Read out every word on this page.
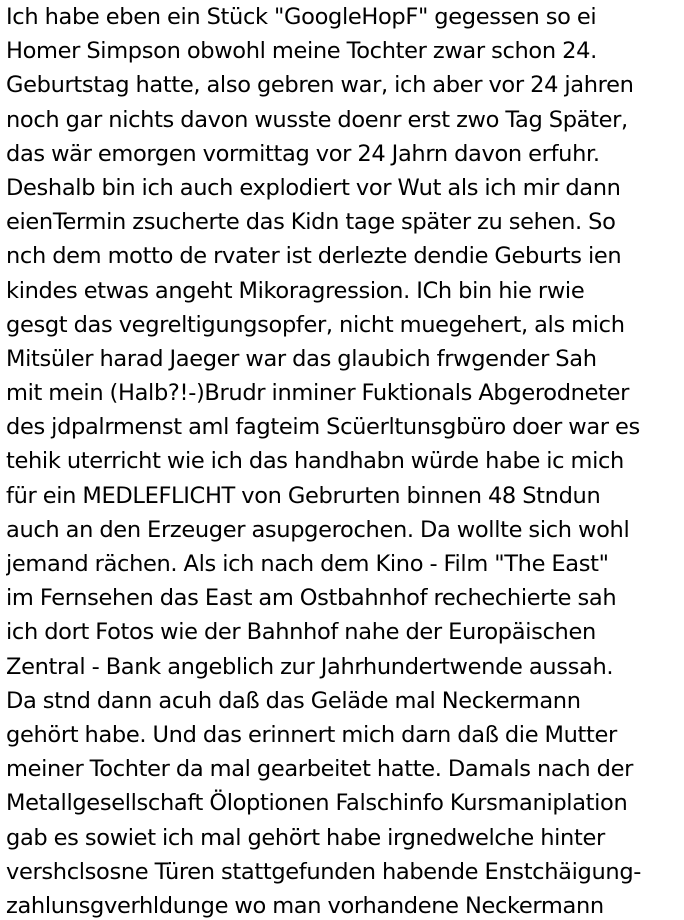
Ich habe eben ein Stück "GoogleHopF" gegessen so ei
Homer Simpson obwohl meine Tochter zwar schon 24.
Geburtstag hatte, also gebren war, ich aber vor 24 jahren
noch gar nichts davon wusste doenr erst zwo Tag Später,
das wär emorgen vormittag vor 24 Jahrn davon erfuhr.
Deshalb bin ich auch explodiert vor Wut als ich mir dann
eienTermin zsucherte das Kidn tage später zu sehen. So
nch dem motto de rvater ist derlezte dendie Geburts ien
kindes etwas angeht Mikoragression. ICh bin hie rwie
gesgt das vegreltigungsopfer, nicht muegehert, als mich
Mitsüler harad Jaeger war das glaubich frwgender Sah
mit mein (Halb?!-)Brudr inminer Fuktionals Abgerodneter
des jdpalrmenst aml fagteim Scüerltunsgbüro doer war es
tehik uterricht wie ich das handhabn würde habe ic mich
für ein MEDLEFLICHT von Gebrurten binnen 48 Stndun
auch an den Erzeuger asupgerochen. Da wollte sich wohl
jemand rächen. Als ich nach dem Kino - Film "The East"
im Fernsehen das East am Ostbahnhof rechechierte sah
ich dort Fotos wie der Bahnhof nahe der Europäischen
Zentral - Bank angeblich zur Jahrhundertwende aussah.
Da stnd dann acuh daß das Geläde mal Neckermann
gehört habe. Und das erinnert mich darn daß die Mutter
meiner Tochter da mal gearbeitet hatte. Damals nach der
Metallgesellschaft Öloptionen Falschinfo Kursmaniplation
gab es sowiet ich mal gehört habe irgnedwelche hinter
vershclsosne Türen stattgefunden habende Enstchäigung-
zahlunsgverhldunge wo man vorhandene Neckermann
